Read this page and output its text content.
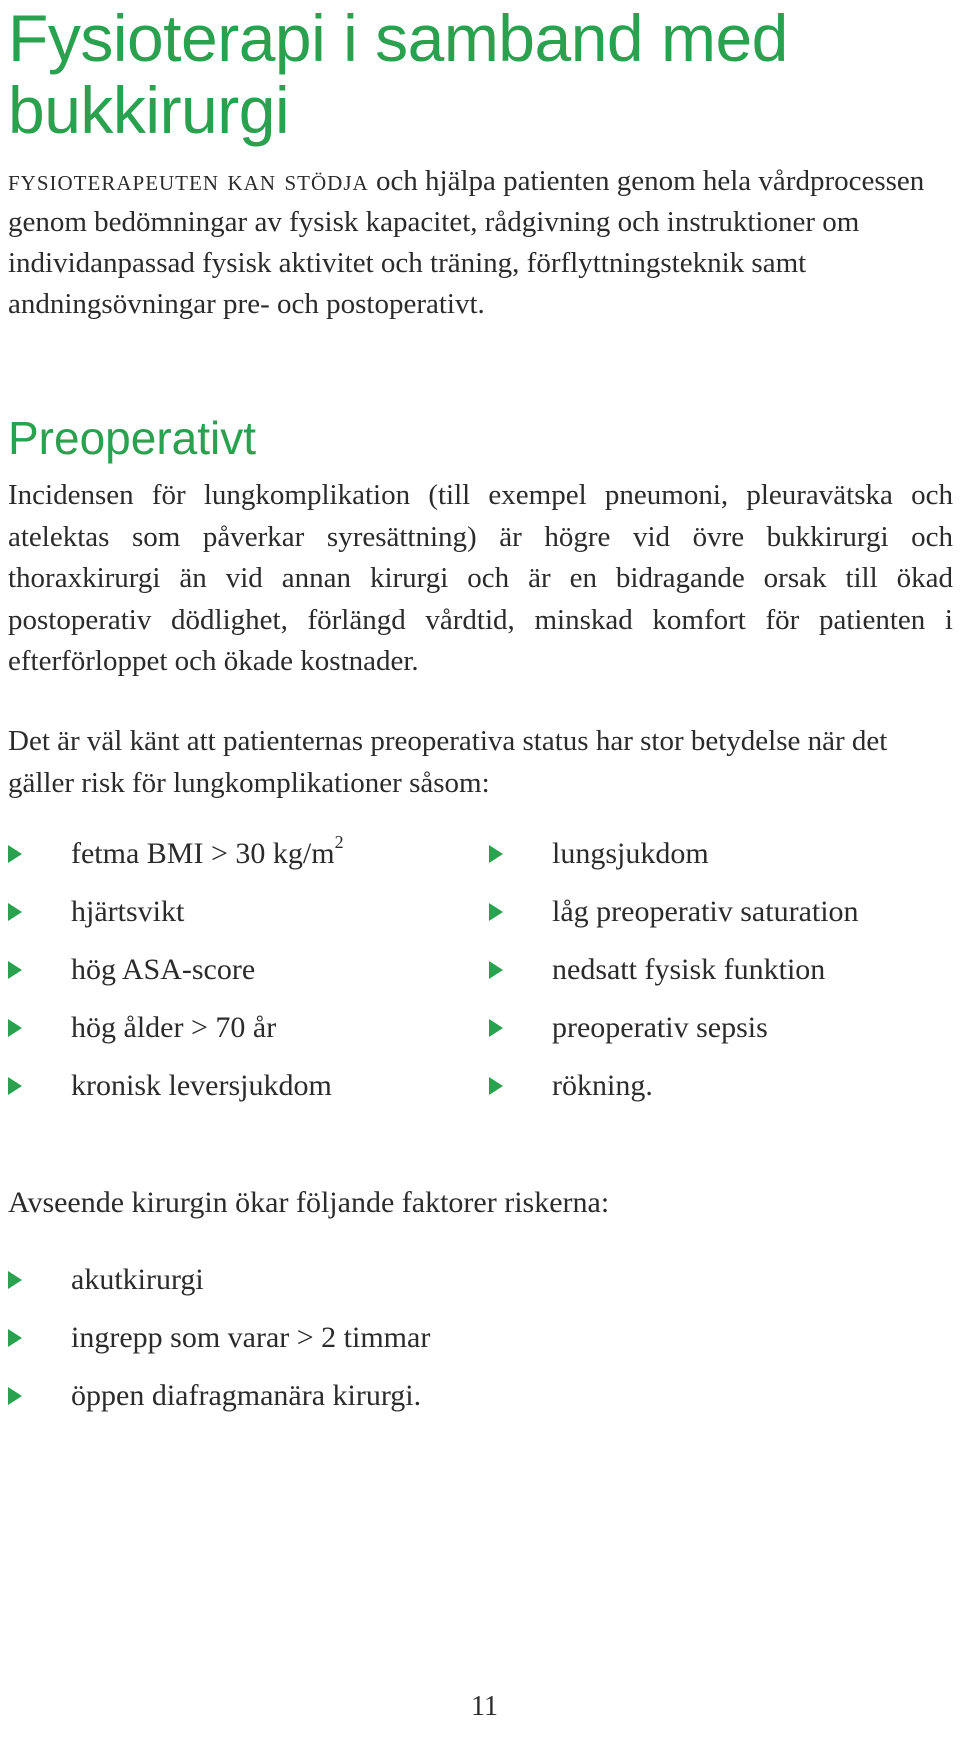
Fysioterapi i samband med bukkirurgi

fysioterapeuten kan stödja och hjälpa patienten genom hela vårdprocessen genom bedömningar av fysisk kapacitet, rådgivning och instruktioner om individanpassad fysisk aktivitet och träning, förflyttningsteknik samt andningsövningar pre- och postoperativt.

Preoperativt

Incidensen för lungkomplikation (till exempel pneumoni, pleuravätska och atelektas som påverkar syresättning) är högre vid övre bukkirurgi och thoraxkirurgi än vid annan kirurgi och är en bidragande orsak till ökad postoperativ dödlighet, förlängd vårdtid, minskad komfort för patienten i efterförloppet och ökade kostnader.

Det är väl känt att patienternas preoperativa status har stor betydelse när det gäller risk för lungkomplikationer såsom:

fetma BMI > 30 $kg/m^2$
hjärtsvikt
hög ASA-score
hög ålder > 70 år
kronisk leversjukdom
lungsjukdom
låg preoperativ saturation
nedsatt fysisk funktion
preoperativ sepsis
rökning.

Avseende kirurgin ökar följande faktorer riskerna:

akutkirurgi
ingrepp som varar > 2 timmar
öppen diafragmanära kirurgi.
11
